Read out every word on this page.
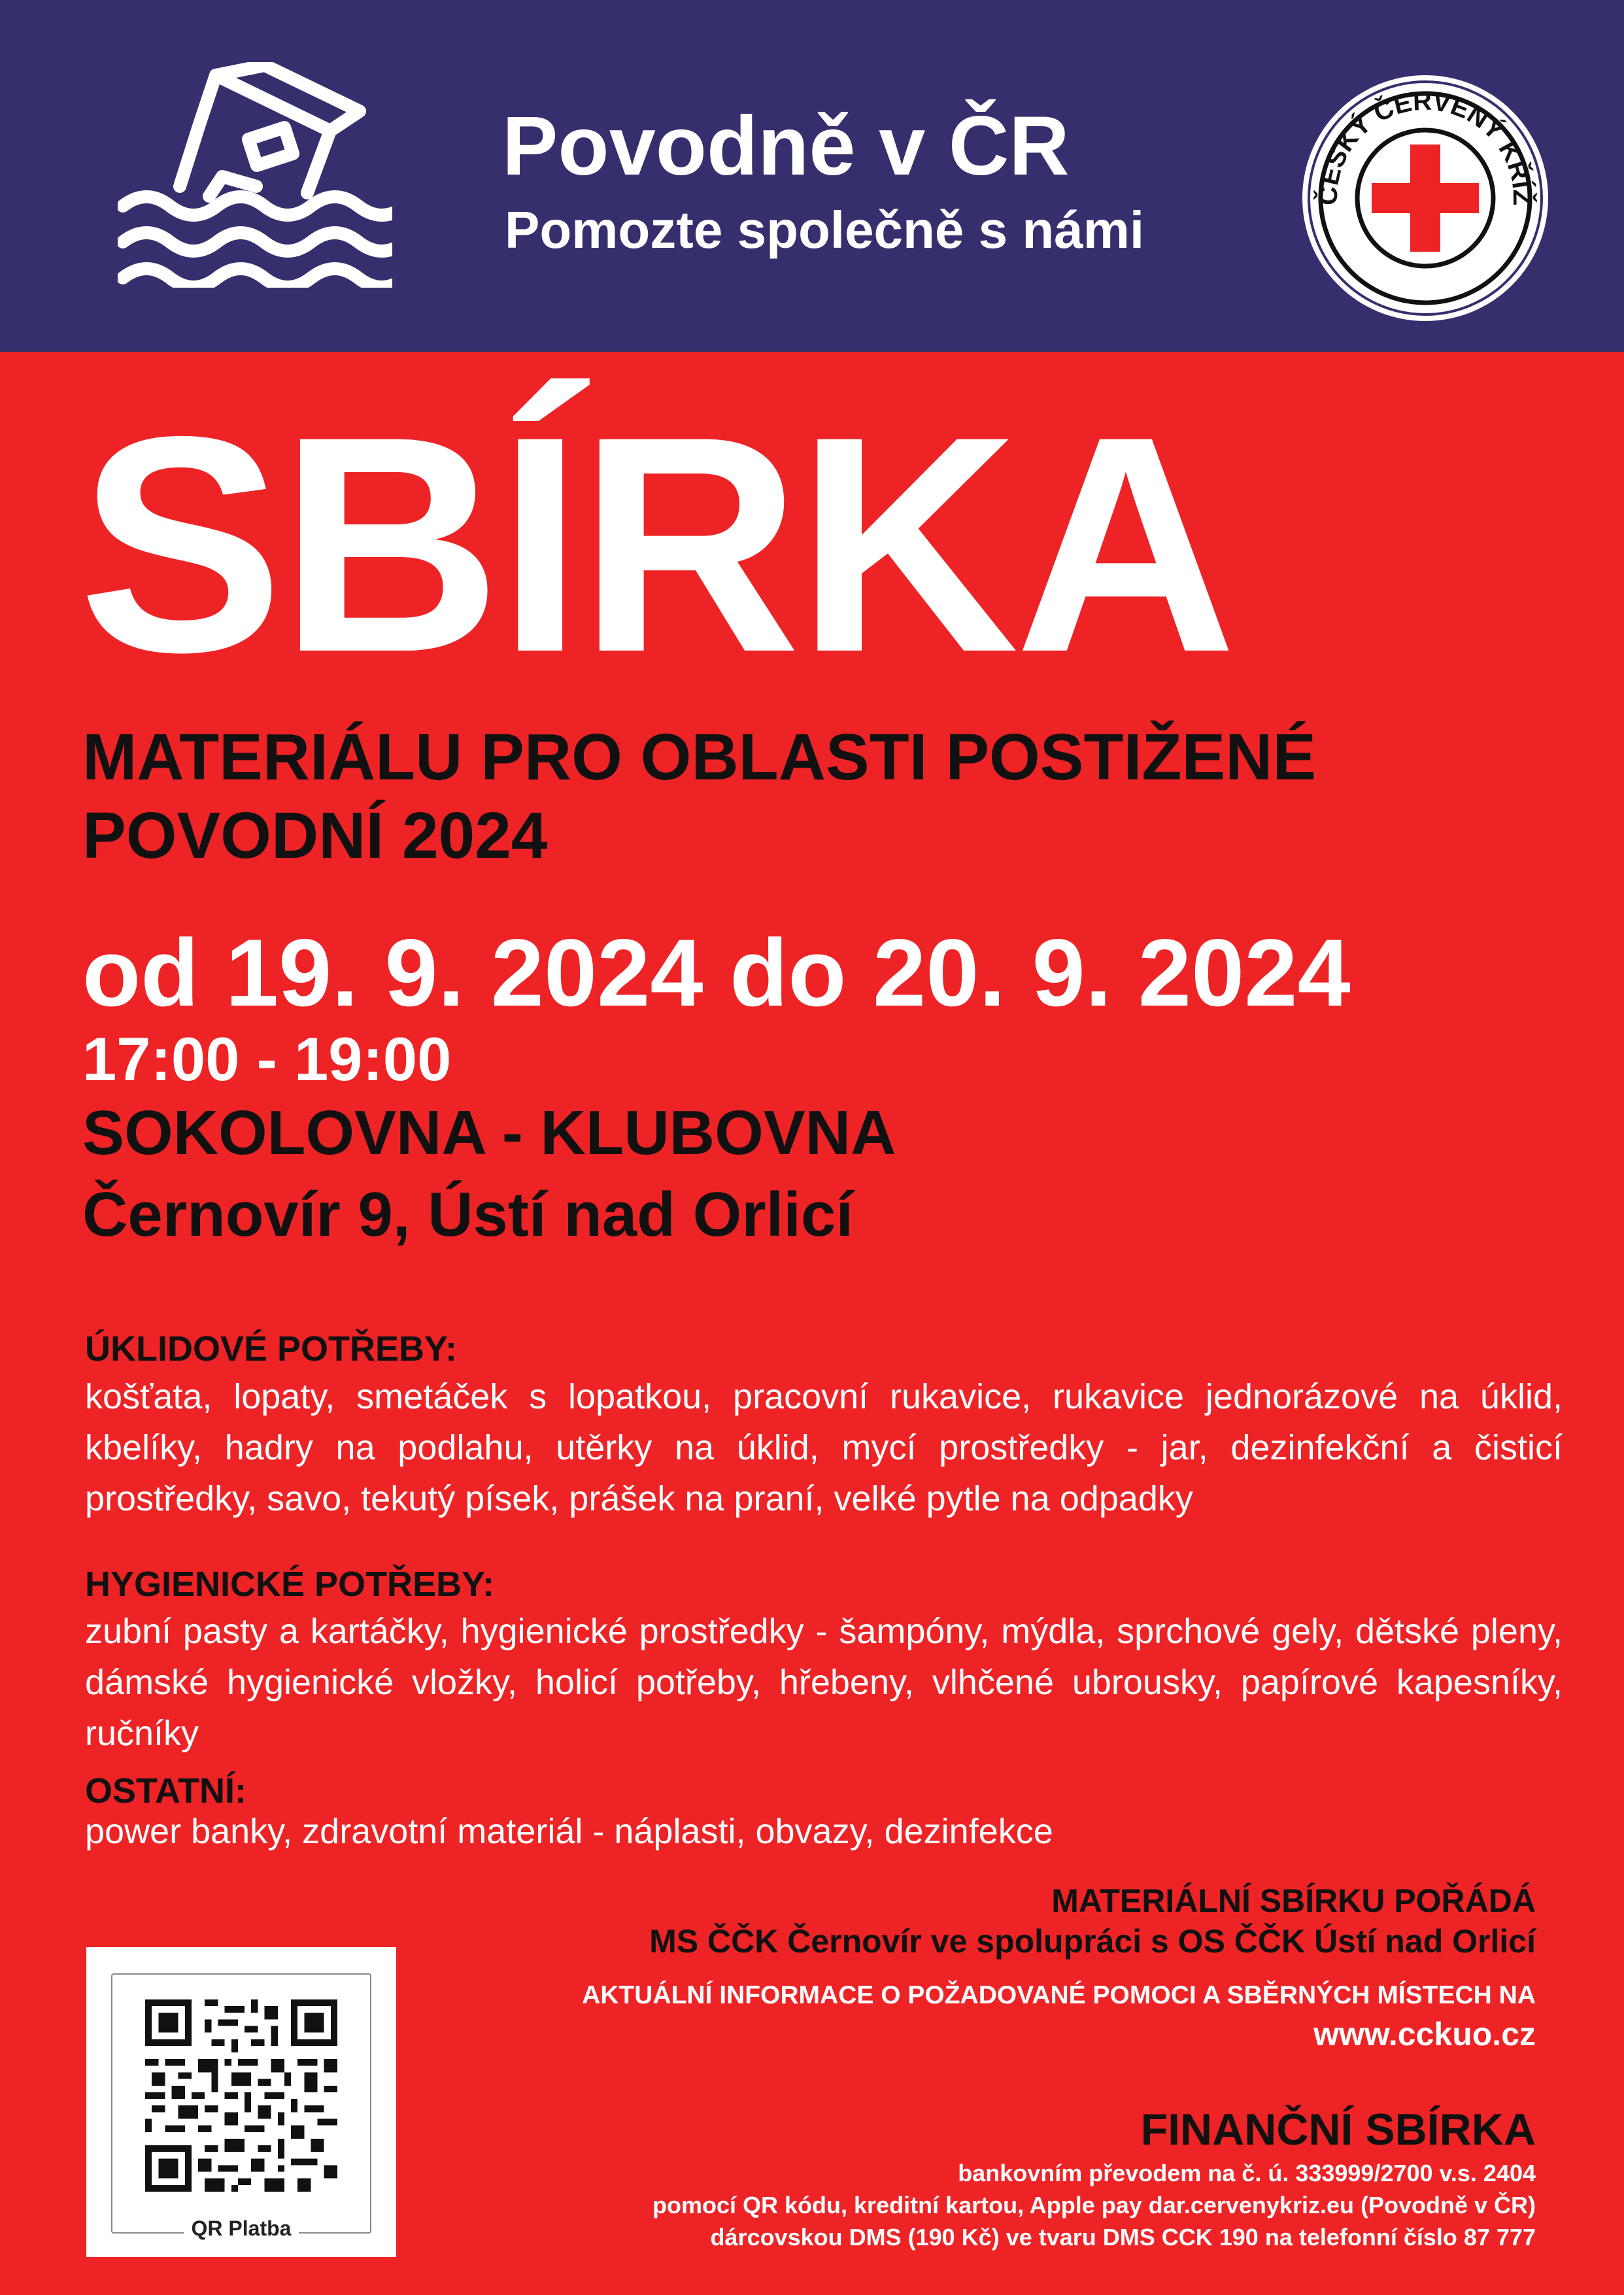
Povodně v ČR
Pomozte společně s námi
ČESKÝ ČERVENÝ KŘÍŽ
SBÍRKA
MATERIÁLU PRO OBLASTI POSTIŽENÉ
POVODNÍ 2024
od 19. 9. 2024 do 20. 9. 2024
17:00 - 19:00
SOKOLOVNA - KLUBOVNA
Černovír 9, Ústí nad Orlicí
ÚKLIDOVÉ POTŘEBY:
košťata, lopaty, smetáček s lopatkou, pracovní rukavice, rukavice jednorázové na úklid, kbelíky, hadry na podlahu, utěrky na úklid, mycí prostředky - jar, dezinfekční a čisticí prostředky, savo, tekutý písek, prášek na praní, velké pytle na odpadky
HYGIENICKÉ POTŘEBY:
zubní pasty a kartáčky, hygienické prostředky - šampóny, mýdla, sprchové gely, dětské pleny, dámské hygienické vložky, holicí potřeby, hřebeny, vlhčené ubrousky, papírové kapesníky, ručníky
OSTATNÍ:
power banky, zdravotní materiál - náplasti, obvazy, dezinfekce
QR Platba
MATERIÁLNÍ SBÍRKU POŘÁDÁ
MS ČČK Černovír ve spolupráci s OS ČČK Ústí nad Orlicí
AKTUÁLNÍ INFORMACE O POŽADOVANÉ POMOCI A SBĚRNÝCH MÍSTECH NA
www.cckuo.cz
FINANČNÍ SBÍRKA
bankovním převodem na č. ú. 333999/2700 v.s. 2404
pomocí QR kódu, kreditní kartou, Apple pay dar.cervenykriz.eu (Povodně v ČR)
dárcovskou DMS (190 Kč) ve tvaru DMS CCK 190 na telefonní číslo 87 777
